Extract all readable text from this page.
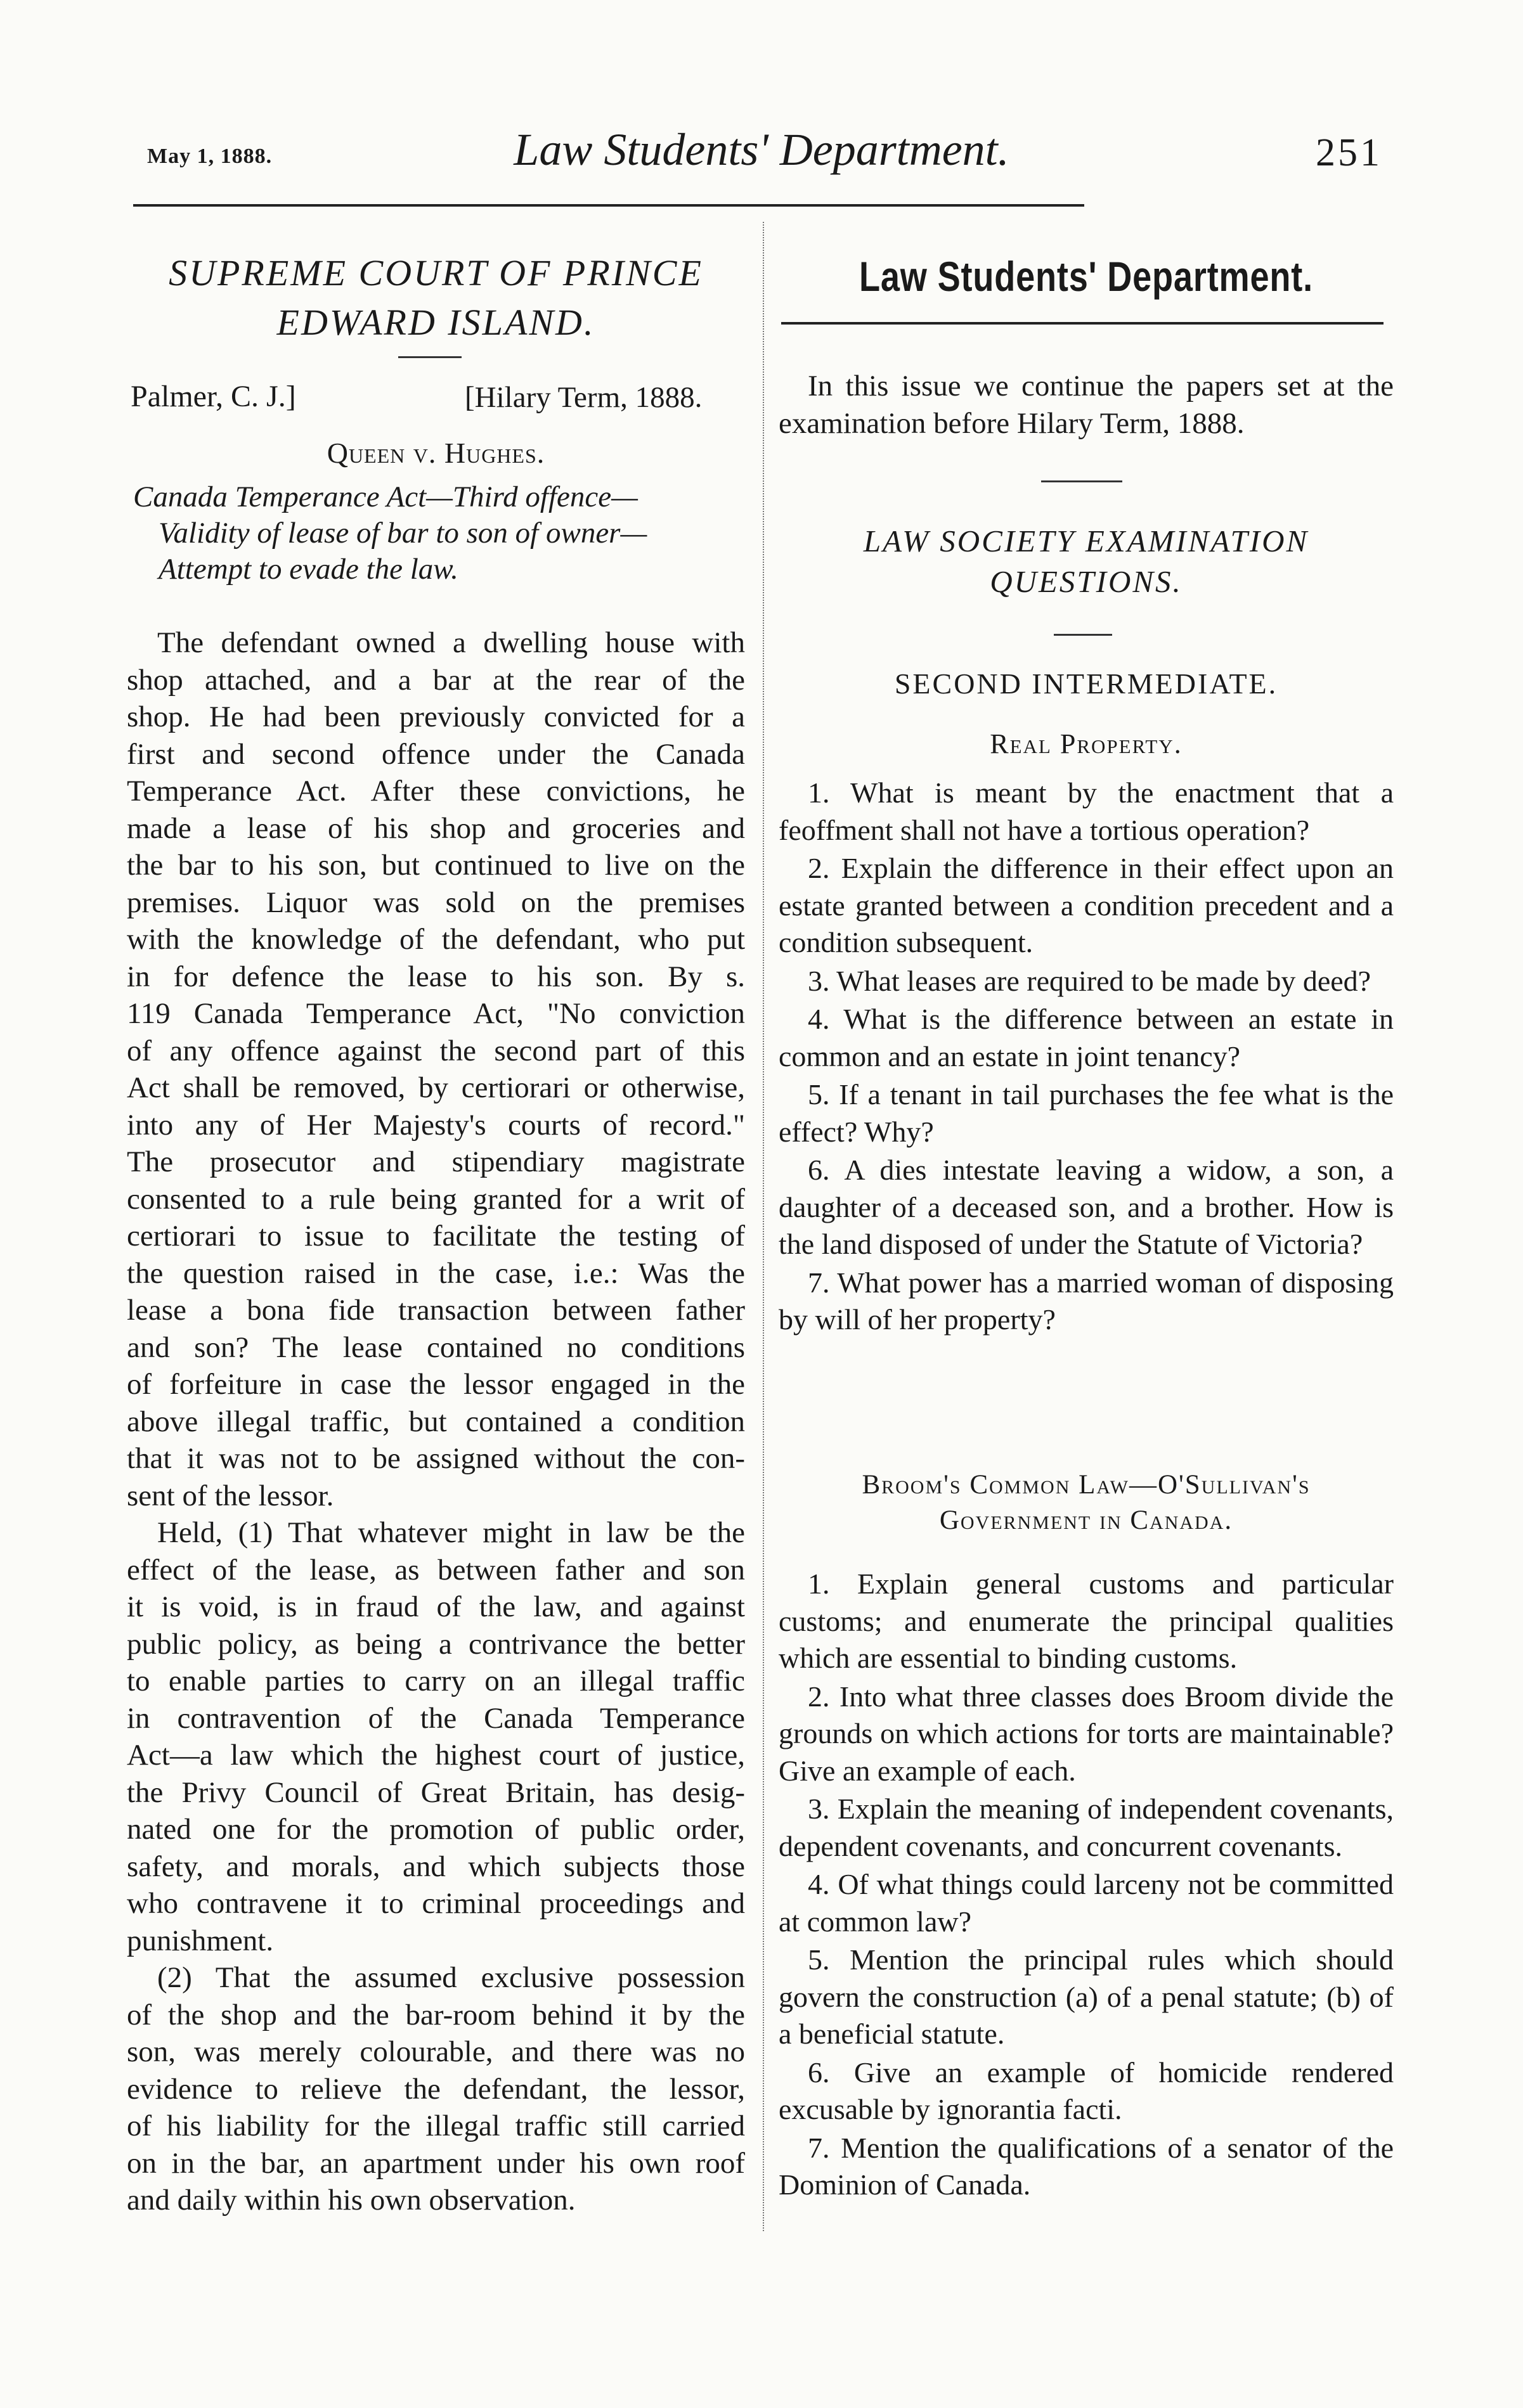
May 1, 1888.	Law Students' Department.	251
SUPREME COURT OF PRINCE
EDWARD ISLAND.
Palmer, C. J.]	[Hilary Term, 1888.
Queen v. Hughes.
Canada Temperance Act—Third offence—
Validity of lease of bar to son of owner—
Attempt to evade the law.
The defendant owned a dwelling house with
shop attached, and a bar at the rear of the
shop. He had been previously convicted for a
first and second offence under the Canada
Temperance Act. After these convictions, he
made a lease of his shop and groceries and
the bar to his son, but continued to live on the
premises. Liquor was sold on the premises
with the knowledge of the defendant, who put
in for defence the lease to his son. By s.
119 Canada Temperance Act, "No conviction
of any offence against the second part of this
Act shall be removed, by certiorari or otherwise,
into any of Her Majesty's courts of record."
The prosecutor and stipendiary magistrate
consented to a rule being granted for a writ of
certiorari to issue to facilitate the testing of
the question raised in the case, i.e.: Was the
lease a bona fide transaction between father
and son? The lease contained no conditions
of forfeiture in case the lessor engaged in the
above illegal traffic, but contained a condition
that it was not to be assigned without the con-
sent of the lessor.
Held, (1) That whatever might in law be the
effect of the lease, as between father and son
it is void, is in fraud of the law, and against
public policy, as being a contrivance the better
to enable parties to carry on an illegal traffic
in contravention of the Canada Temperance
Act—a law which the highest court of justice,
the Privy Council of Great Britain, has desig-
nated one for the promotion of public order,
safety, and morals, and which subjects those
who contravene it to criminal proceedings and
punishment.
(2) That the assumed exclusive possession
of the shop and the bar-room behind it by the
son, was merely colourable, and there was no
evidence to relieve the defendant, the lessor,
of his liability for the illegal traffic still carried
on in the bar, an apartment under his own roof
and daily within his own observation.
Law Students' Department.

In this issue we continue the papers set at the examination before Hilary Term, 1888.

LAW SOCIETY EXAMINATION
QUESTIONS.
SECOND INTERMEDIATE.
Real Property.

1. What is meant by the enactment that a feoffment shall not have a tortious operation?

2. Explain the difference in their effect upon an estate granted between a condition precedent and a condition subsequent.

3. What leases are required to be made by deed?

4. What is the difference between an estate in common and an estate in joint tenancy?

5. If a tenant in tail purchases the fee what is the effect? Why?

6. A dies intestate leaving a widow, a son, a daughter of a deceased son, and a brother. How is the land disposed of under the Statute of Victoria?

7. What power has a married woman of disposing by will of her property?

Broom's Common Law—O'Sullivan's
Government in Canada.

1. Explain general customs and particular customs; and enumerate the principal qualities which are essential to binding customs.

2. Into what three classes does Broom divide the grounds on which actions for torts are maintainable? Give an example of each.

3. Explain the meaning of independent covenants, dependent covenants, and concurrent covenants.

4. Of what things could larceny not be committed at common law?

5. Mention the principal rules which should govern the construction (a) of a penal statute; (b) of a beneficial statute.

6. Give an example of homicide rendered excusable by ignorantia facti.

7. Mention the qualifications of a senator of the Dominion of Canada.
